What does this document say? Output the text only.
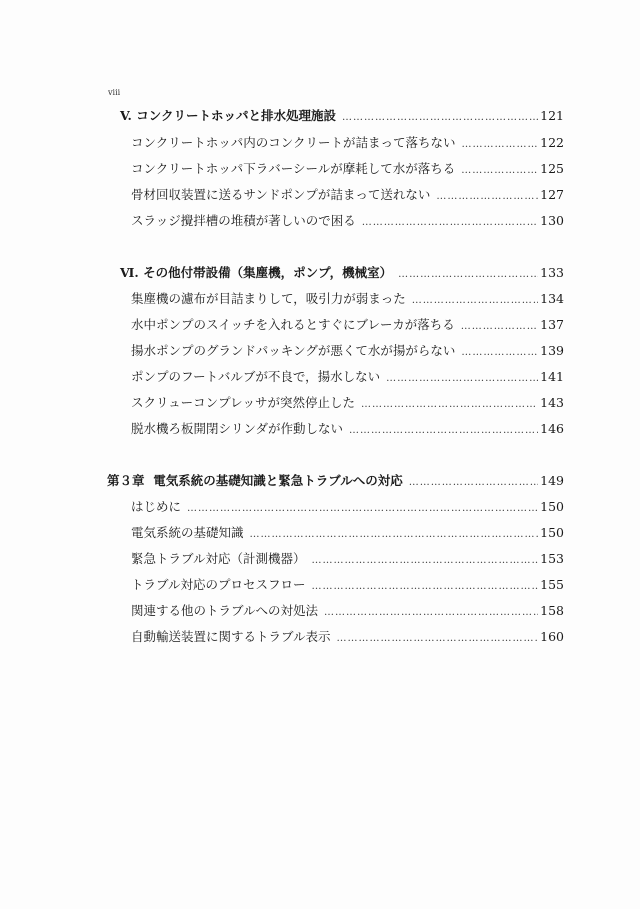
viii
V. コンクリートホッパと排水処理施設 …………………………………………………………………………………………………………………………………	121
コンクリートホッパ内のコンクリートが詰まって落ちない …………………………………………………………………………………………………………………………………	122
コンクリートホッパ下ラバーシールが摩耗して水が落ちる …………………………………………………………………………………………………………………………………	125
骨材回収装置に送るサンドポンプが詰まって送れない …………………………………………………………………………………………………………………………………	127
スラッジ攪拌槽の堆積が著しいので困る …………………………………………………………………………………………………………………………………	130
Ⅵ. その他付帯設備（集塵機，ポンプ，機械室） …………………………………………………………………………………………………………………………………	133
集塵機の濾布が目詰まりして，吸引力が弱まった …………………………………………………………………………………………………………………………………	134
水中ポンプのスイッチを入れるとすぐにブレーカが落ちる …………………………………………………………………………………………………………………………………	137
揚水ポンプのグランドパッキングが悪くて水が揚がらない …………………………………………………………………………………………………………………………………	139
ポンプのフートバルブが不良で，揚水しない …………………………………………………………………………………………………………………………………	141
スクリューコンプレッサが突然停止した …………………………………………………………………………………………………………………………………	143
脱水機ろ板開閉シリンダが作動しない …………………………………………………………………………………………………………………………………	146
第３章 電気系統の基礎知識と緊急トラブルへの対応 …………………………………………………………………………………………………………………………………	149
はじめに …………………………………………………………………………………………………………………………………	150
電気系統の基礎知識 …………………………………………………………………………………………………………………………………	150
緊急トラブル対応（計測機器） …………………………………………………………………………………………………………………………………	153
トラブル対応のプロセスフロー …………………………………………………………………………………………………………………………………	155
関連する他のトラブルへの対処法 …………………………………………………………………………………………………………………………………	158
自動輸送装置に関するトラブル表示 …………………………………………………………………………………………………………………………………	160
